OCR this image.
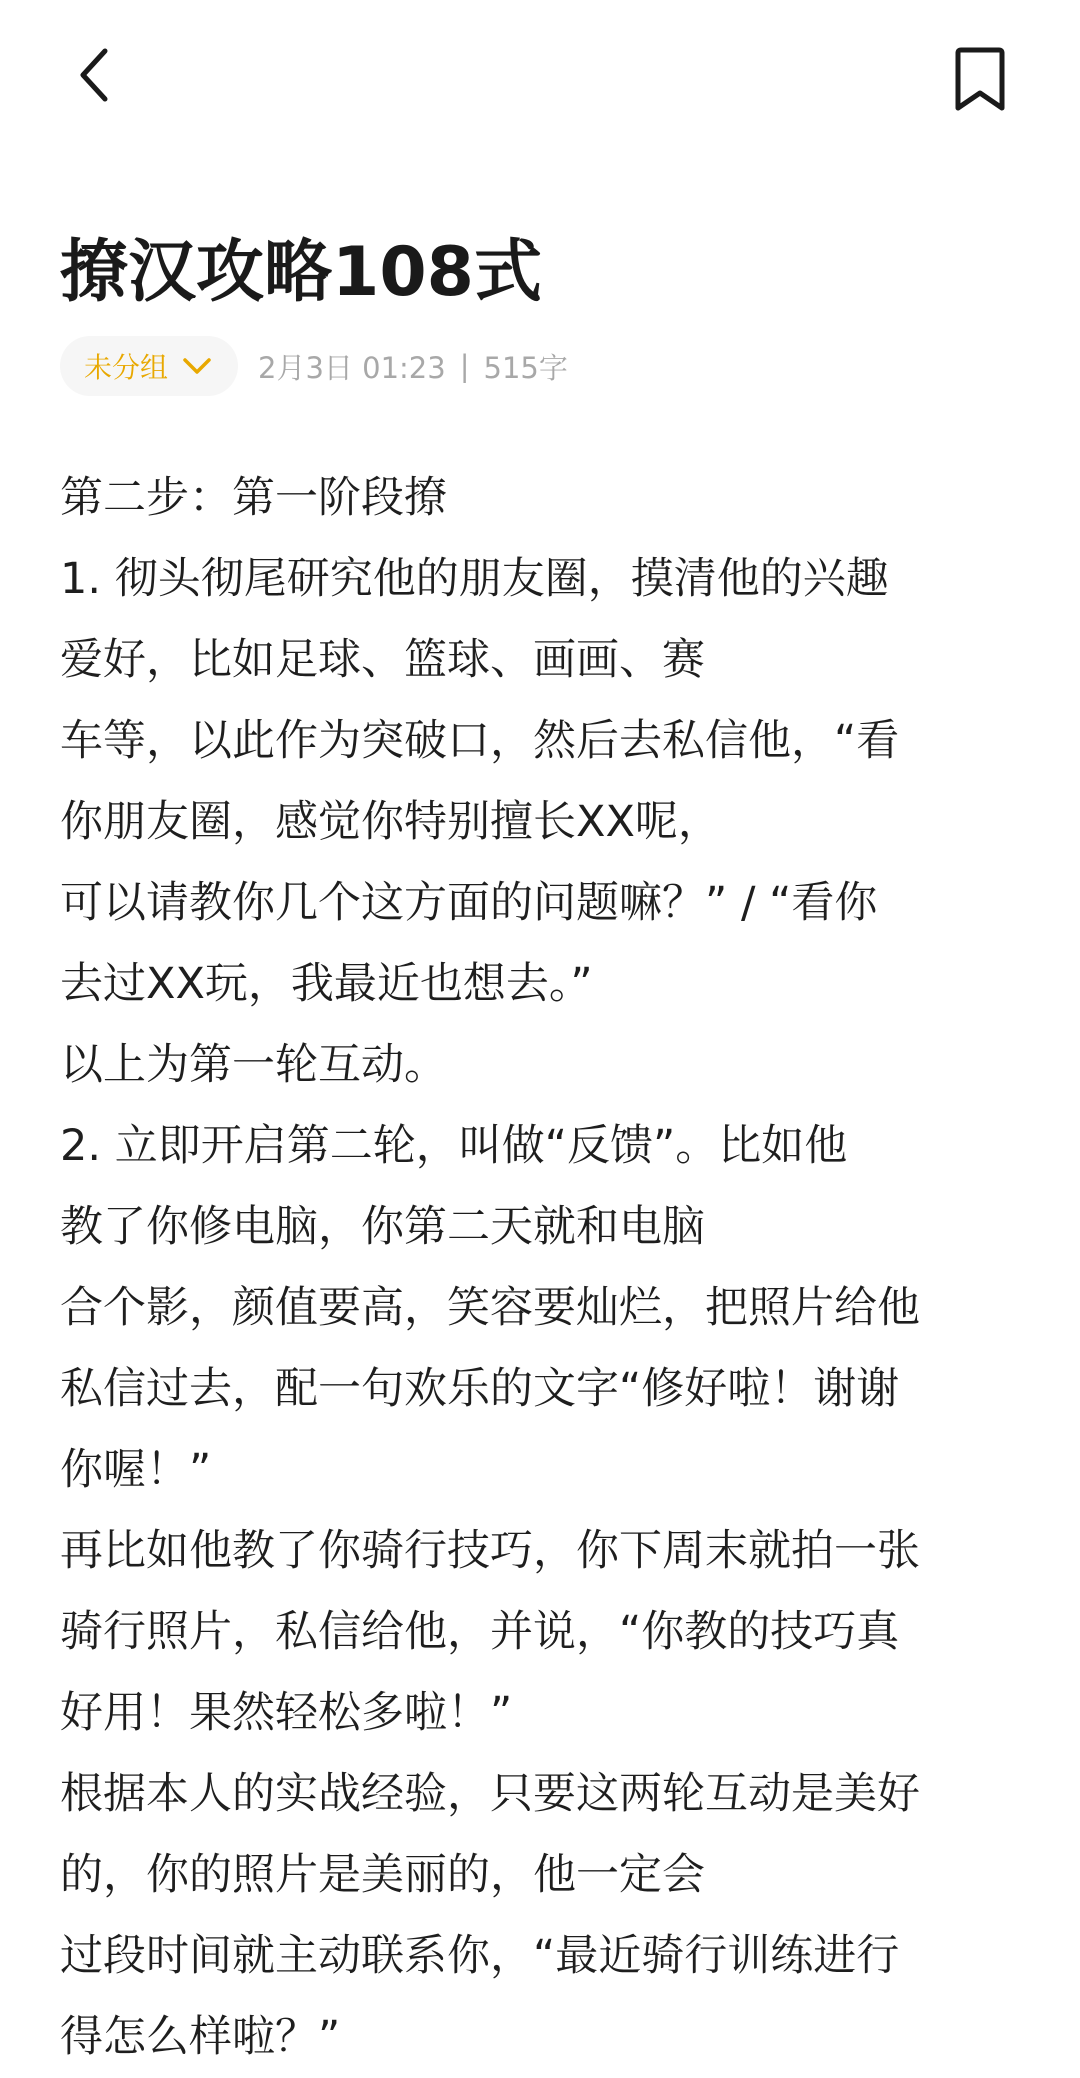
撩汉攻略108式
未分组	2月3日 01:23 | 515字
第二步：第一阶段撩
1. 彻头彻尾研究他的朋友圈，摸清他的兴趣
爱好，比如足球、篮球、画画、赛
车等，以此作为突破口，然后去私信他，“看
你朋友圈，感觉你特别擅长XX呢，
可以请教你几个这方面的问题嘛？” / “看你
去过XX玩，我最近也想去。”
以上为第一轮互动。
2. 立即开启第二轮，叫做“反馈”。比如他
教了你修电脑，你第二天就和电脑
合个影，颜值要高，笑容要灿烂，把照片给他
私信过去，配一句欢乐的文字“修好啦！谢谢
你喔！”
再比如他教了你骑行技巧，你下周末就拍一张
骑行照片，私信给他，并说，“你教的技巧真
好用！果然轻松多啦！”
根据本人的实战经验，只要这两轮互动是美好
的，你的照片是美丽的，他一定会
过段时间就主动联系你，“最近骑行训练进行
得怎么样啦？”
